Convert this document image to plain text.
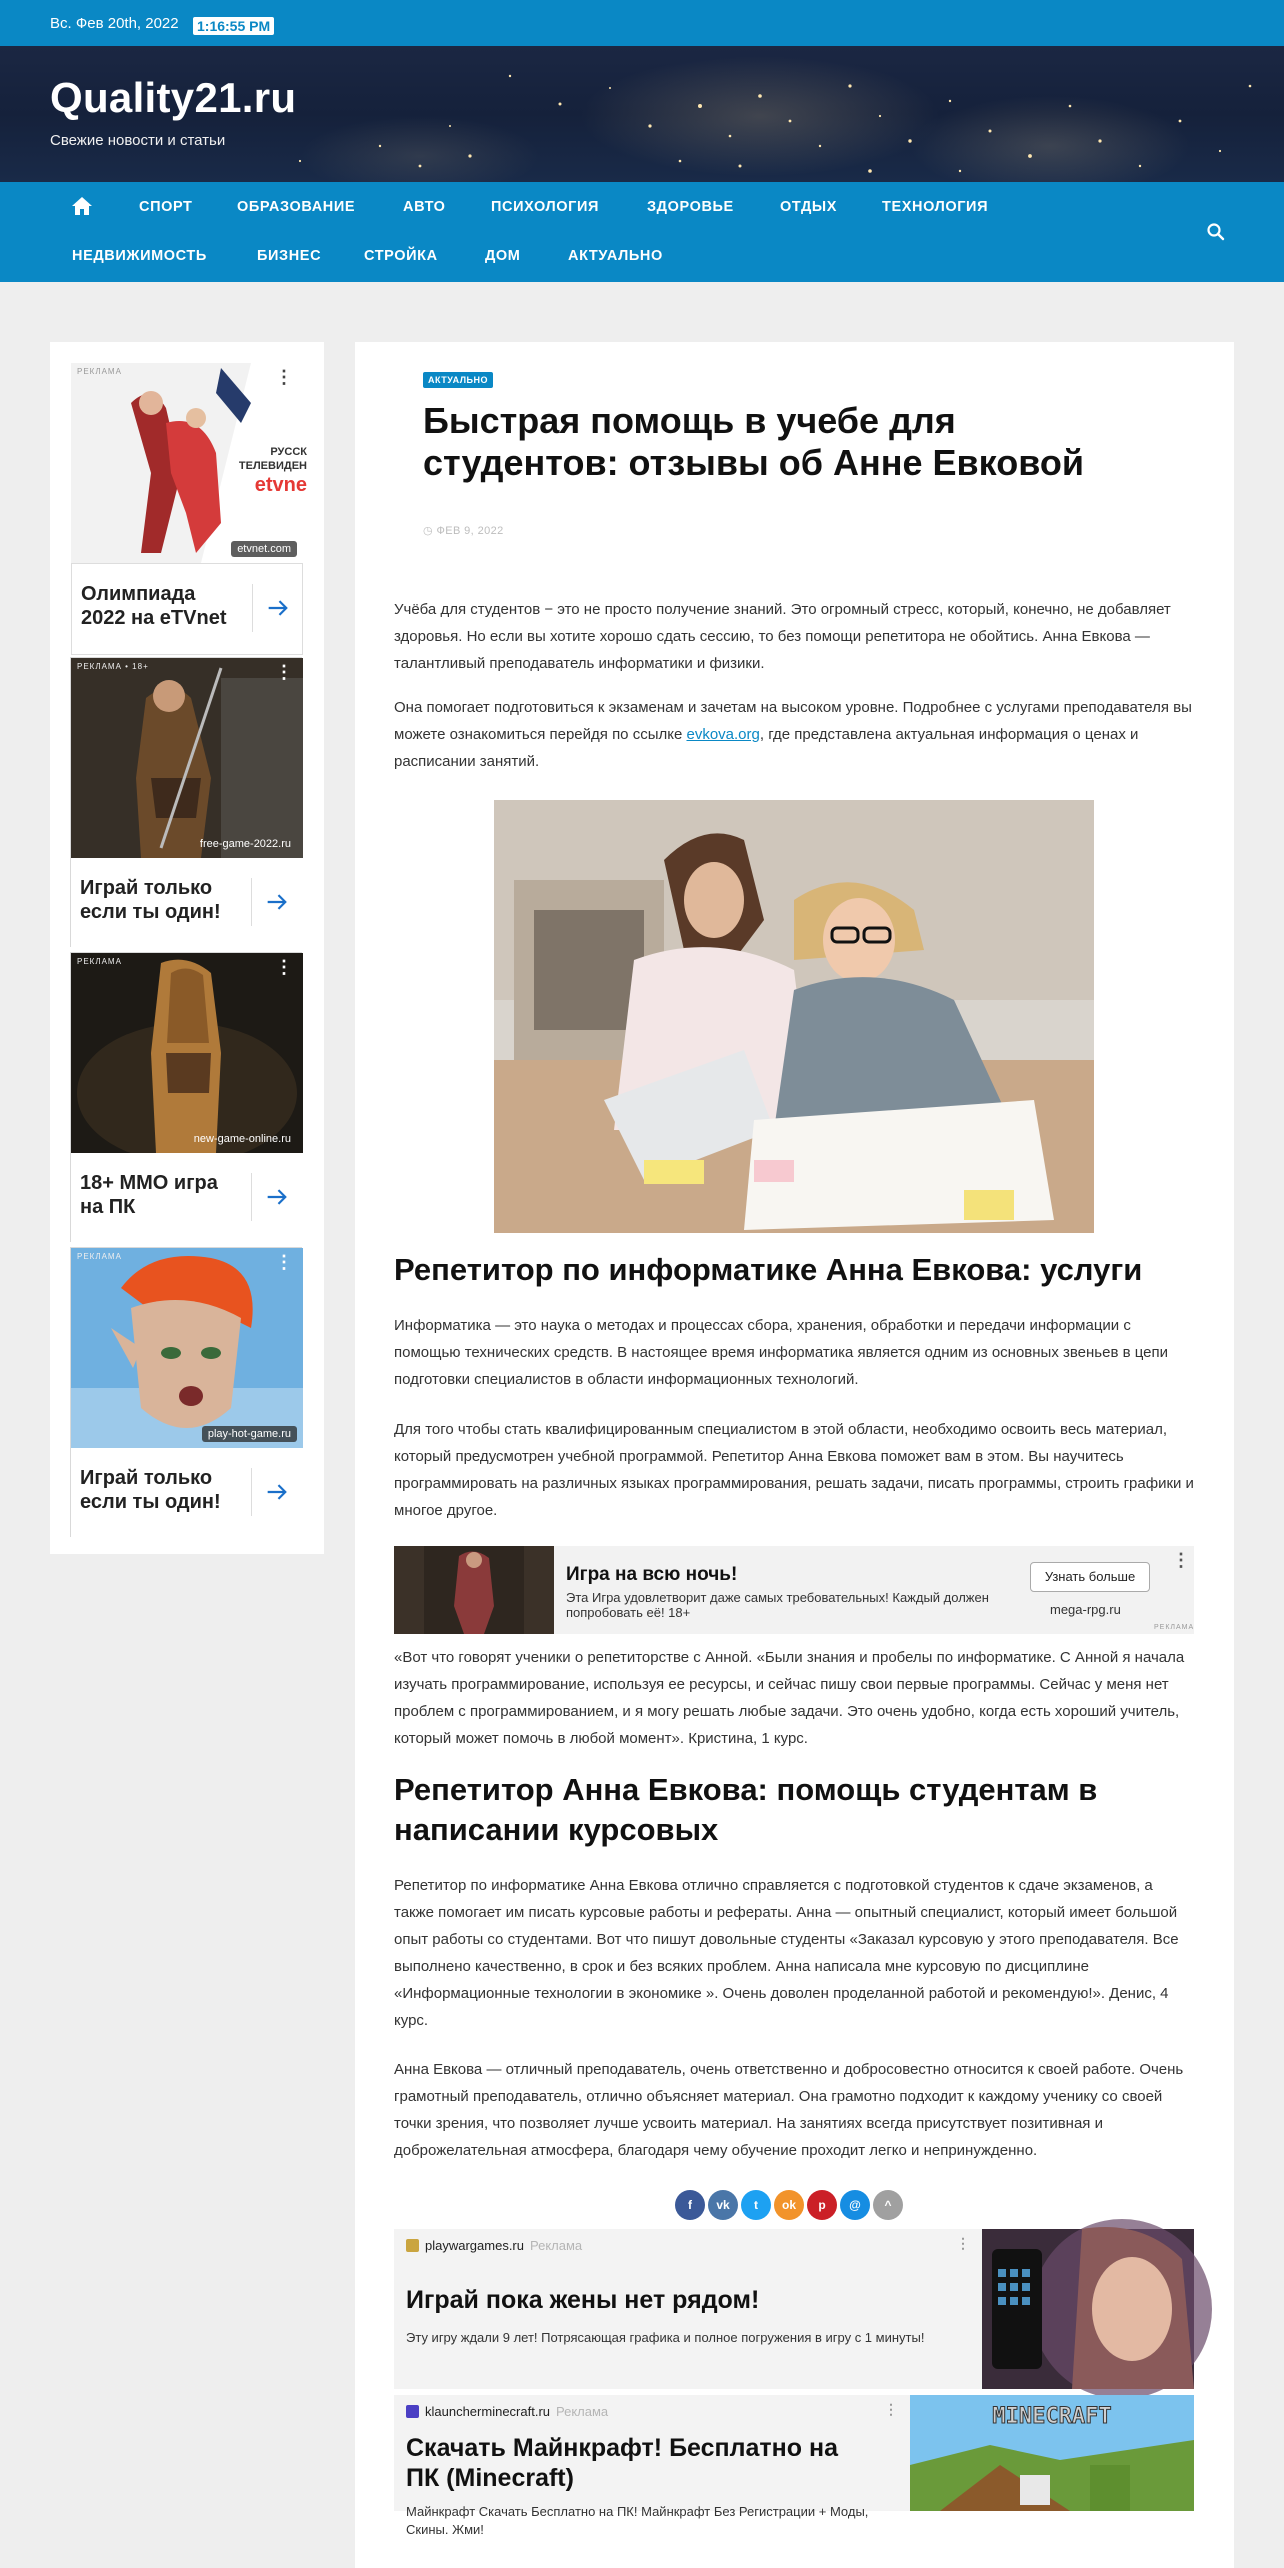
Вс. Фев 20th, 2022 1:16:55 PM
Quality21.ru
Свежие новости и статьи
СПОРТ	ОБРАЗОВАНИЕ	АВТО	ПСИХОЛОГИЯ	ЗДОРОВЬЕ	ОТДЫХ	ТЕХНОЛОГИЯ
НЕДВИЖИМОСТЬ	БИЗНЕС	СТРОЙКА	ДОМ	АКТУАЛЬНО
РУССК
ТЕЛЕВИДЕН
etvne
РЕКЛАМА	⋮
etvnet.com
Олимпиада 2022 на eTVnet
РЕКЛАМА • 18+	⋮
free-game-2022.ru
Играй только если ты один!
РЕКЛАМА	⋮
new-game-online.ru
18+ MMO игра на ПК
РЕКЛАМА	⋮
play-hot-game.ru
Играй только если ты один!
АКТУАЛЬНО
Быстрая помощь в учебе для студентов: отзывы об Анне Евковой
◷ ФЕВ 9, 2022

Учёба для студентов − это не просто получение знаний. Это огромный стресс, который, конечно, не добавляет здоровья. Но если вы хотите хорошо сдать сессию, то без помощи репетитора не обойтись. Анна Евкова — талантливый преподаватель информатики и физики.

Она помогает подготовиться к экзаменам и зачетам на высоком уровне. Подробнее с услугами преподавателя вы можете ознакомиться перейдя по ссылке evkova.org, где представлена актуальная информация о ценах и расписании занятий.

Репетитор по информатике Анна Евкова: услуги

Информатика — это наука о методах и процессах сбора, хранения, обработки и передачи информации с помощью технических средств. В настоящее время информатика является одним из основных звеньев в цепи подготовки специалистов в области информационных технологий.

Для того чтобы стать квалифицированным специалистом в этой области, необходимо освоить весь материал, который предусмотрен учебной программой. Репетитор Анна Евкова поможет вам в этом. Вы научитесь программировать на различных языках программирования, решать задачи, писать программы, строить графики и многое другое.

Игра на всю ночь!
Эта Игра удовлетворит даже самых требовательных! Каждый должен попробовать её! 18+
Узнать больше
mega-rpg.ru
⋮
РЕКЛАМА

«Вот что говорят ученики о репетиторстве с Анной. «Были знания и пробелы по информатике. С Анной я начала изучать программирование, используя ее ресурсы, и сейчас пишу свои первые программы. Сейчас у меня нет проблем с программированием, и я могу решать любые задачи. Это очень удобно, когда есть хороший учитель, который может помочь в любой момент». Кристина, 1 курс.

Репетитор Анна Евкова: помощь студентам в написании курсовых

Репетитор по информатике Анна Евкова отлично справляется с подготовкой студентов к сдаче экзаменов, а также помогает им писать курсовые работы и рефераты. Анна — опытный специалист, который имеет большой опыт работы со студентами. Вот что пишут довольные студенты «Заказал курсовую у этого преподавателя. Все выполнено качественно, в срок и без всяких проблем. Анна написала мне курсовую по дисциплине «Информационные технологии в экономике ». Очень доволен проделанной работой и рекомендую!». Денис, 4 курс.

Анна Евкова — отличный преподаватель, очень ответственно и добросовестно относится к своей работе. Очень грамотный преподаватель, отлично объясняет материал. Она грамотно подходит к каждому ученику со своей точки зрения, что позволяет лучше усвоить материал. На занятиях всегда присутствует позитивная и доброжелательная атмосфера, благодаря чему обучение проходит легко и непринужденно.

f	vk	t	ok	p	@	^
playwargames.ru Реклама	⋮
Играй пока жены нет рядом!
Эту игру ждали 9 лет! Потрясающая графика и полное погружения в игру с 1 минуты!
klauncherminecraft.ru Реклама	⋮
Скачать Майнкрафт! Бесплатно на ПК (Minecraft)
Майнкрафт Скачать Бесплатно на ПК! Майнкрафт Без Регистрации + Моды, Скины. Жми!
MINECRAFT
